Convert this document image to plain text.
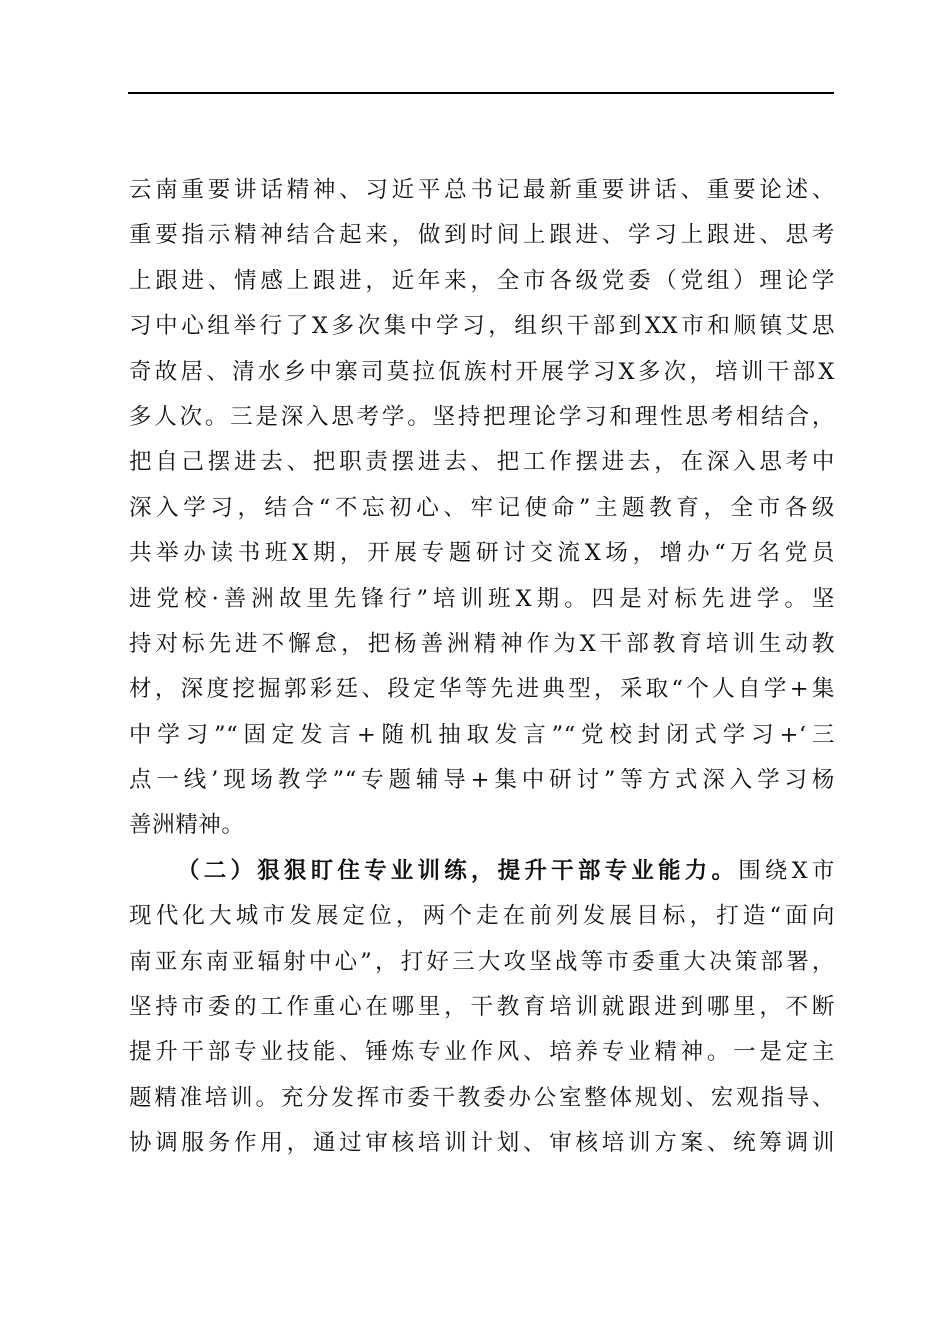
云南重要讲话精神、习近平总书记最新重要讲话、重要论述、
重要指示精神结合起来，做到时间上跟进、学习上跟进、思考
上跟进、情感上跟进，近年来，全市各级党委（党组）理论学
习中心组举行了X多次集中学习，组织干部到XX市和顺镇艾思
奇故居、清水乡中寨司莫拉佤族村开展学习X多次，培训干部X
多人次。三是深入思考学。坚持把理论学习和理性思考相结合，
把自己摆进去、把职责摆进去、把工作摆进去，在深入思考中
深入学习，结合“不忘初心、牢记使命”主题教育，全市各级
共举办读书班X期，开展专题研讨交流X场，增办“万名党员
进党校·善洲故里先锋行”培训班X期。四是对标先进学。坚
持对标先进不懈怠，把杨善洲精神作为X干部教育培训生动教
材，深度挖掘郭彩廷、段定华等先进典型，采取“个人自学+集
中学习”“固定发言+随机抽取发言”“党校封闭式学习+‘三
点一线’现场教学”“专题辅导+集中研讨”等方式深入学习杨
善洲精神。
（二）狠狠盯住专业训练，提升干部专业能力。围绕X市
现代化大城市发展定位，两个走在前列发展目标，打造“面向
南亚东南亚辐射中心”，打好三大攻坚战等市委重大决策部署，
坚持市委的工作重心在哪里，干教育培训就跟进到哪里，不断
提升干部专业技能、锤炼专业作风、培养专业精神。一是定主
题精准培训。充分发挥市委干教委办公室整体规划、宏观指导、
协调服务作用，通过审核培训计划、审核培训方案、统筹调训
